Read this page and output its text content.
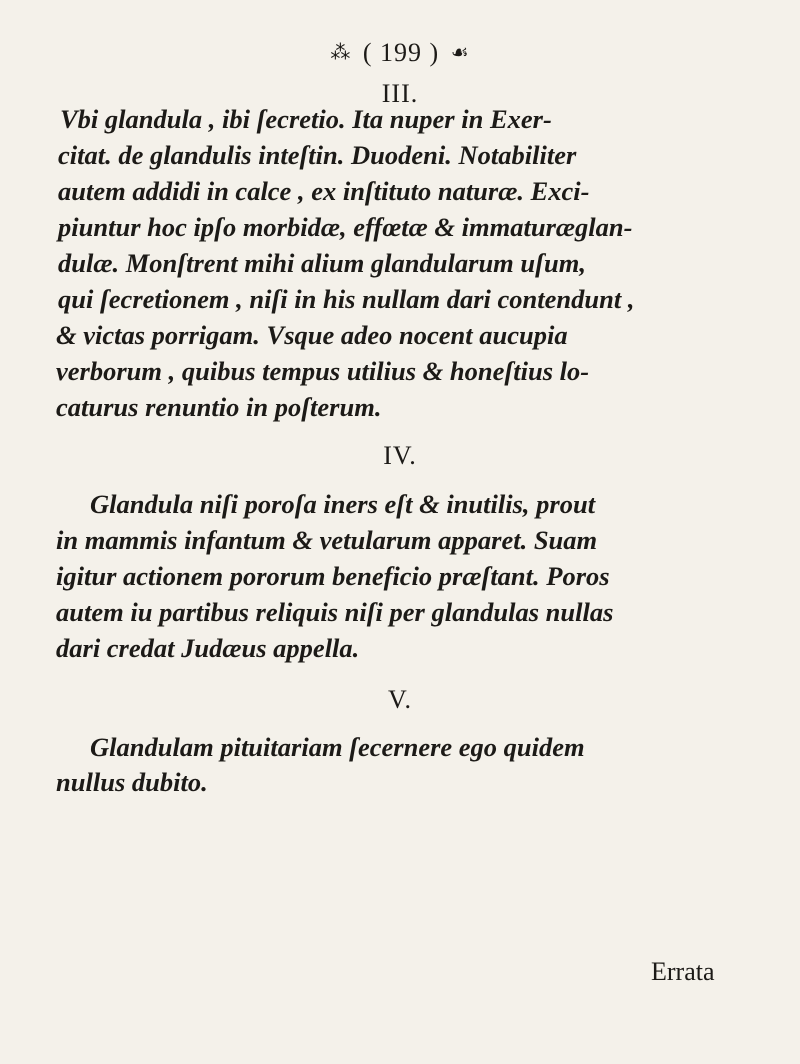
⁂ ( 199 ) ☙
III.
Vbi glandula , ibi ſecretio. Ita nuper in Exer-
citat. de glandulis inteſtin. Duodeni. Notabiliter
autem addidi in calce , ex inſtituto naturæ. Exci-
piuntur hoc ipſo morbidæ, effœtæ & immaturæglan-
dulæ. Monſtrent mihi alium glandularum uſum,
qui ſecretionem , niſi in his nullam dari contendunt ,
& victas porrigam. Vsque adeo nocent aucupia
verborum , quibus tempus utilius & honeſtius lo-
caturus renuntio in poſterum.
IV.
Glandula niſi poroſa iners eſt & inutilis, prout
in mammis infantum & vetularum apparet. Suam
igitur actionem pororum beneficio præſtant. Poros
autem iu partibus reliquis niſi per glandulas nullas
dari credat Judæus appella.
V.
Glandulam pituitariam ſecernere ego quidem
nullus dubito.
Errata
